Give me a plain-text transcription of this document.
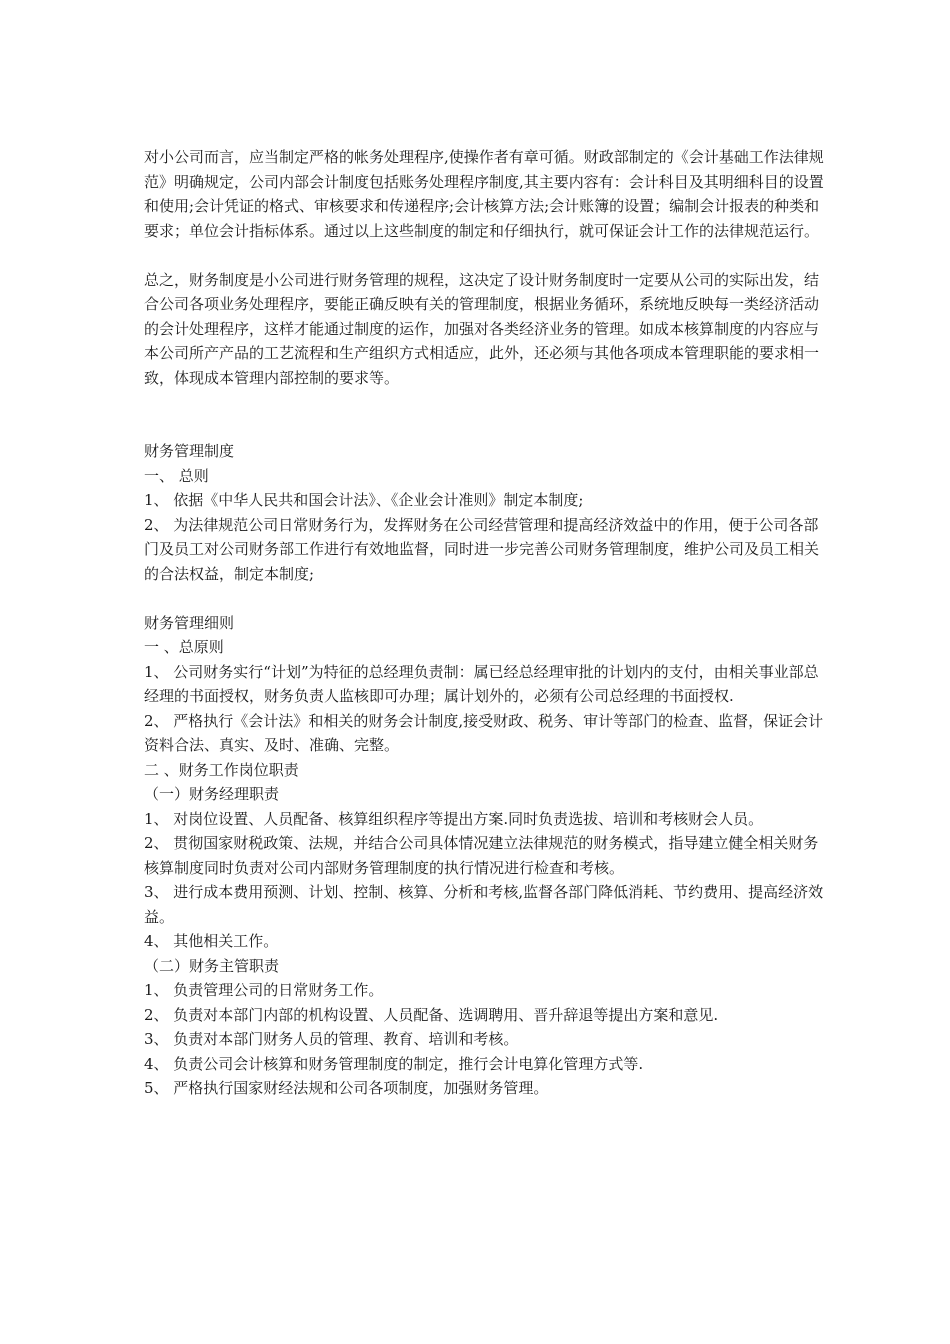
对小公司而言，应当制定严格的帐务处理程序,使操作者有章可循。财政部制定的《会计基础工作法律规范》明确规定，公司内部会计制度包括账务处理程序制度,其主要内容有：会计科目及其明细科目的设置和使用;会计凭证的格式、审核要求和传递程序;会计核算方法;会计账簿的设置；编制会计报表的种类和要求；单位会计指标体系。通过以上这些制度的制定和仔细执行，就可保证会计工作的法律规范运行。

总之，财务制度是小公司进行财务管理的规程，这决定了设计财务制度时一定要从公司的实际出发，结合公司各项业务处理程序，要能正确反映有关的管理制度，根据业务循环，系统地反映每一类经济活动的会计处理程序，这样才能通过制度的运作，加强对各类经济业务的管理。如成本核算制度的内容应与本公司所产产品的工艺流程和生产组织方式相适应，此外，还必须与其他各项成本管理职能的要求相一致，体现成本管理内部控制的要求等。

财务管理制度

一、 总则

1、 依据《中华人民共和国会计法》、《企业会计准则》制定本制度;

2、 为法律规范公司日常财务行为，发挥财务在公司经营管理和提高经济效益中的作用，便于公司各部门及员工对公司财务部工作进行有效地监督，同时进一步完善公司财务管理制度，维护公司及员工相关的合法权益，制定本制度;

财务管理细则

一 、总原则

1、 公司财务实行“计划”为特征的总经理负责制：属已经总经理审批的计划内的支付，由相关事业部总经理的书面授权，财务负责人监核即可办理；属计划外的，必须有公司总经理的书面授权.

2、 严格执行《会计法》和相关的财务会计制度,接受财政、税务、审计等部门的检查、监督，保证会计资料合法、真实、及时、准确、完整。

二 、财务工作岗位职责

（一）财务经理职责

1、 对岗位设置、人员配备、核算组织程序等提出方案.同时负责选拔、培训和考核财会人员。

2、 贯彻国家财税政策、法规，并结合公司具体情况建立法律规范的财务模式，指导建立健全相关财务核算制度同时负责对公司内部财务管理制度的执行情况进行检查和考核。

3、 进行成本费用预测、计划、控制、核算、分析和考核,监督各部门降低消耗、节约费用、提高经济效益。

4、 其他相关工作。

（二）财务主管职责

1、 负责管理公司的日常财务工作。

2、 负责对本部门内部的机构设置、人员配备、选调聘用、晋升辞退等提出方案和意见.

3、 负责对本部门财务人员的管理、教育、培训和考核。

4、 负责公司会计核算和财务管理制度的制定，推行会计电算化管理方式等.

5、 严格执行国家财经法规和公司各项制度，加强财务管理。
